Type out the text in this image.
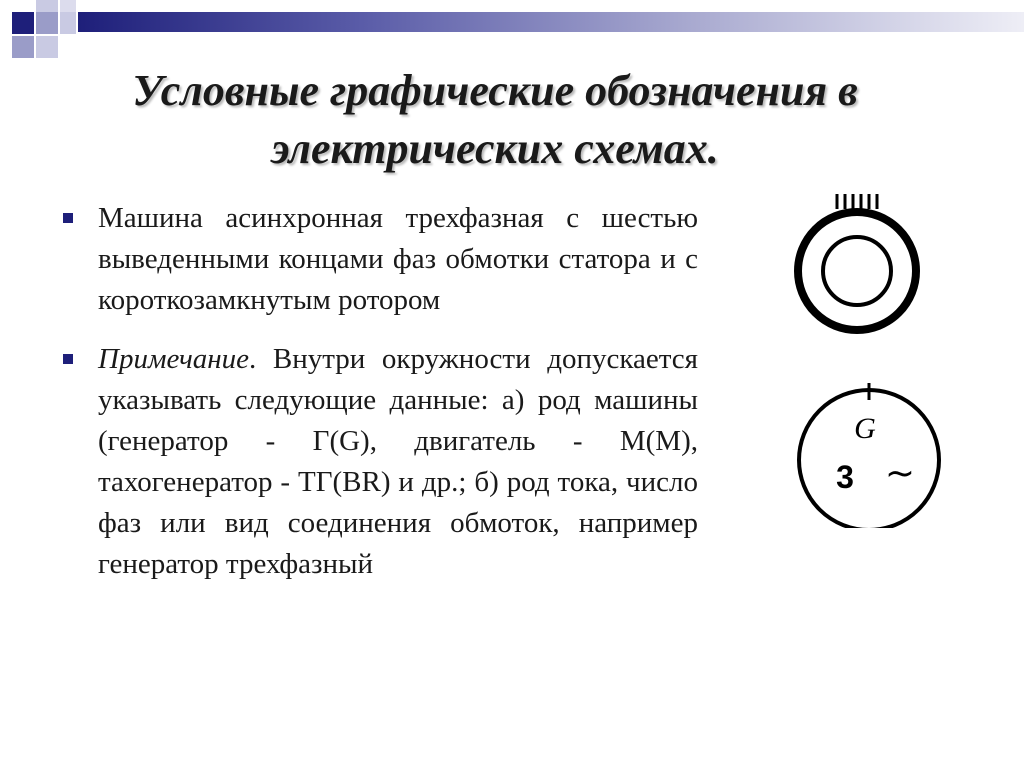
Условные графические обозначения в электрических схемах.
Машина асинхронная трехфазная с шестью выведенными концами фаз обмотки статора и с короткозамкнутым ротором
Примечание. Внутри окружности допускается указывать следующие данные: а) род машины (генератор - Г(G), двигатель - М(М), тахогенератор - ТГ(BR) и др.; б) род тока, число фаз или вид соединения обмоток, например генератор трехфазный
G
3 ~
